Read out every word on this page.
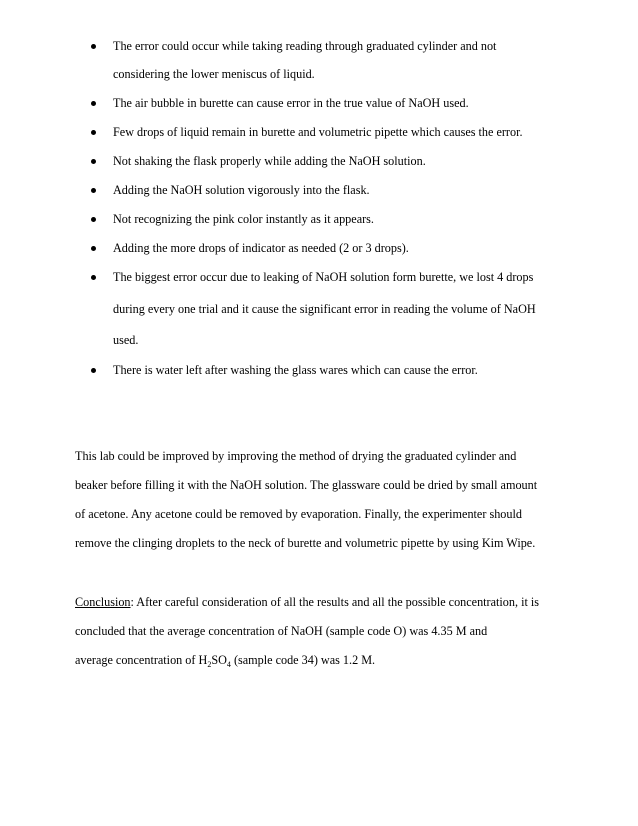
The error could occur while taking reading through graduated cylinder and not
considering the lower meniscus of liquid.
The air bubble in burette can cause error in the true value of NaOH used.
Few drops of liquid remain in burette and volumetric pipette which causes the error.
Not shaking the flask properly while adding the NaOH solution.
Adding the NaOH solution vigorously into the flask.
Not recognizing the pink color instantly as it appears.
Adding the more drops of indicator as needed (2 or 3 drops).
The biggest error occur due to leaking of NaOH solution form burette, we lost 4 drops
during every one trial and it cause the significant error in reading the volume of NaOH
used.
There is water left after washing the glass wares which can cause the error.
This lab could be improved by improving the method of drying the graduated cylinder and
beaker before filling it with the NaOH solution. The glassware could be dried by small amount
of acetone. Any acetone could be removed by evaporation. Finally, the experimenter should
remove the clinging droplets to the neck of burette and volumetric pipette by using Kim Wipe.
Conclusion: After careful consideration of all the results and all the possible concentration, it is
concluded that the average concentration of NaOH (sample code O) was 4.35 M and
average concentration of $H_2SO_4$ (sample code 34) was 1.2 M.
